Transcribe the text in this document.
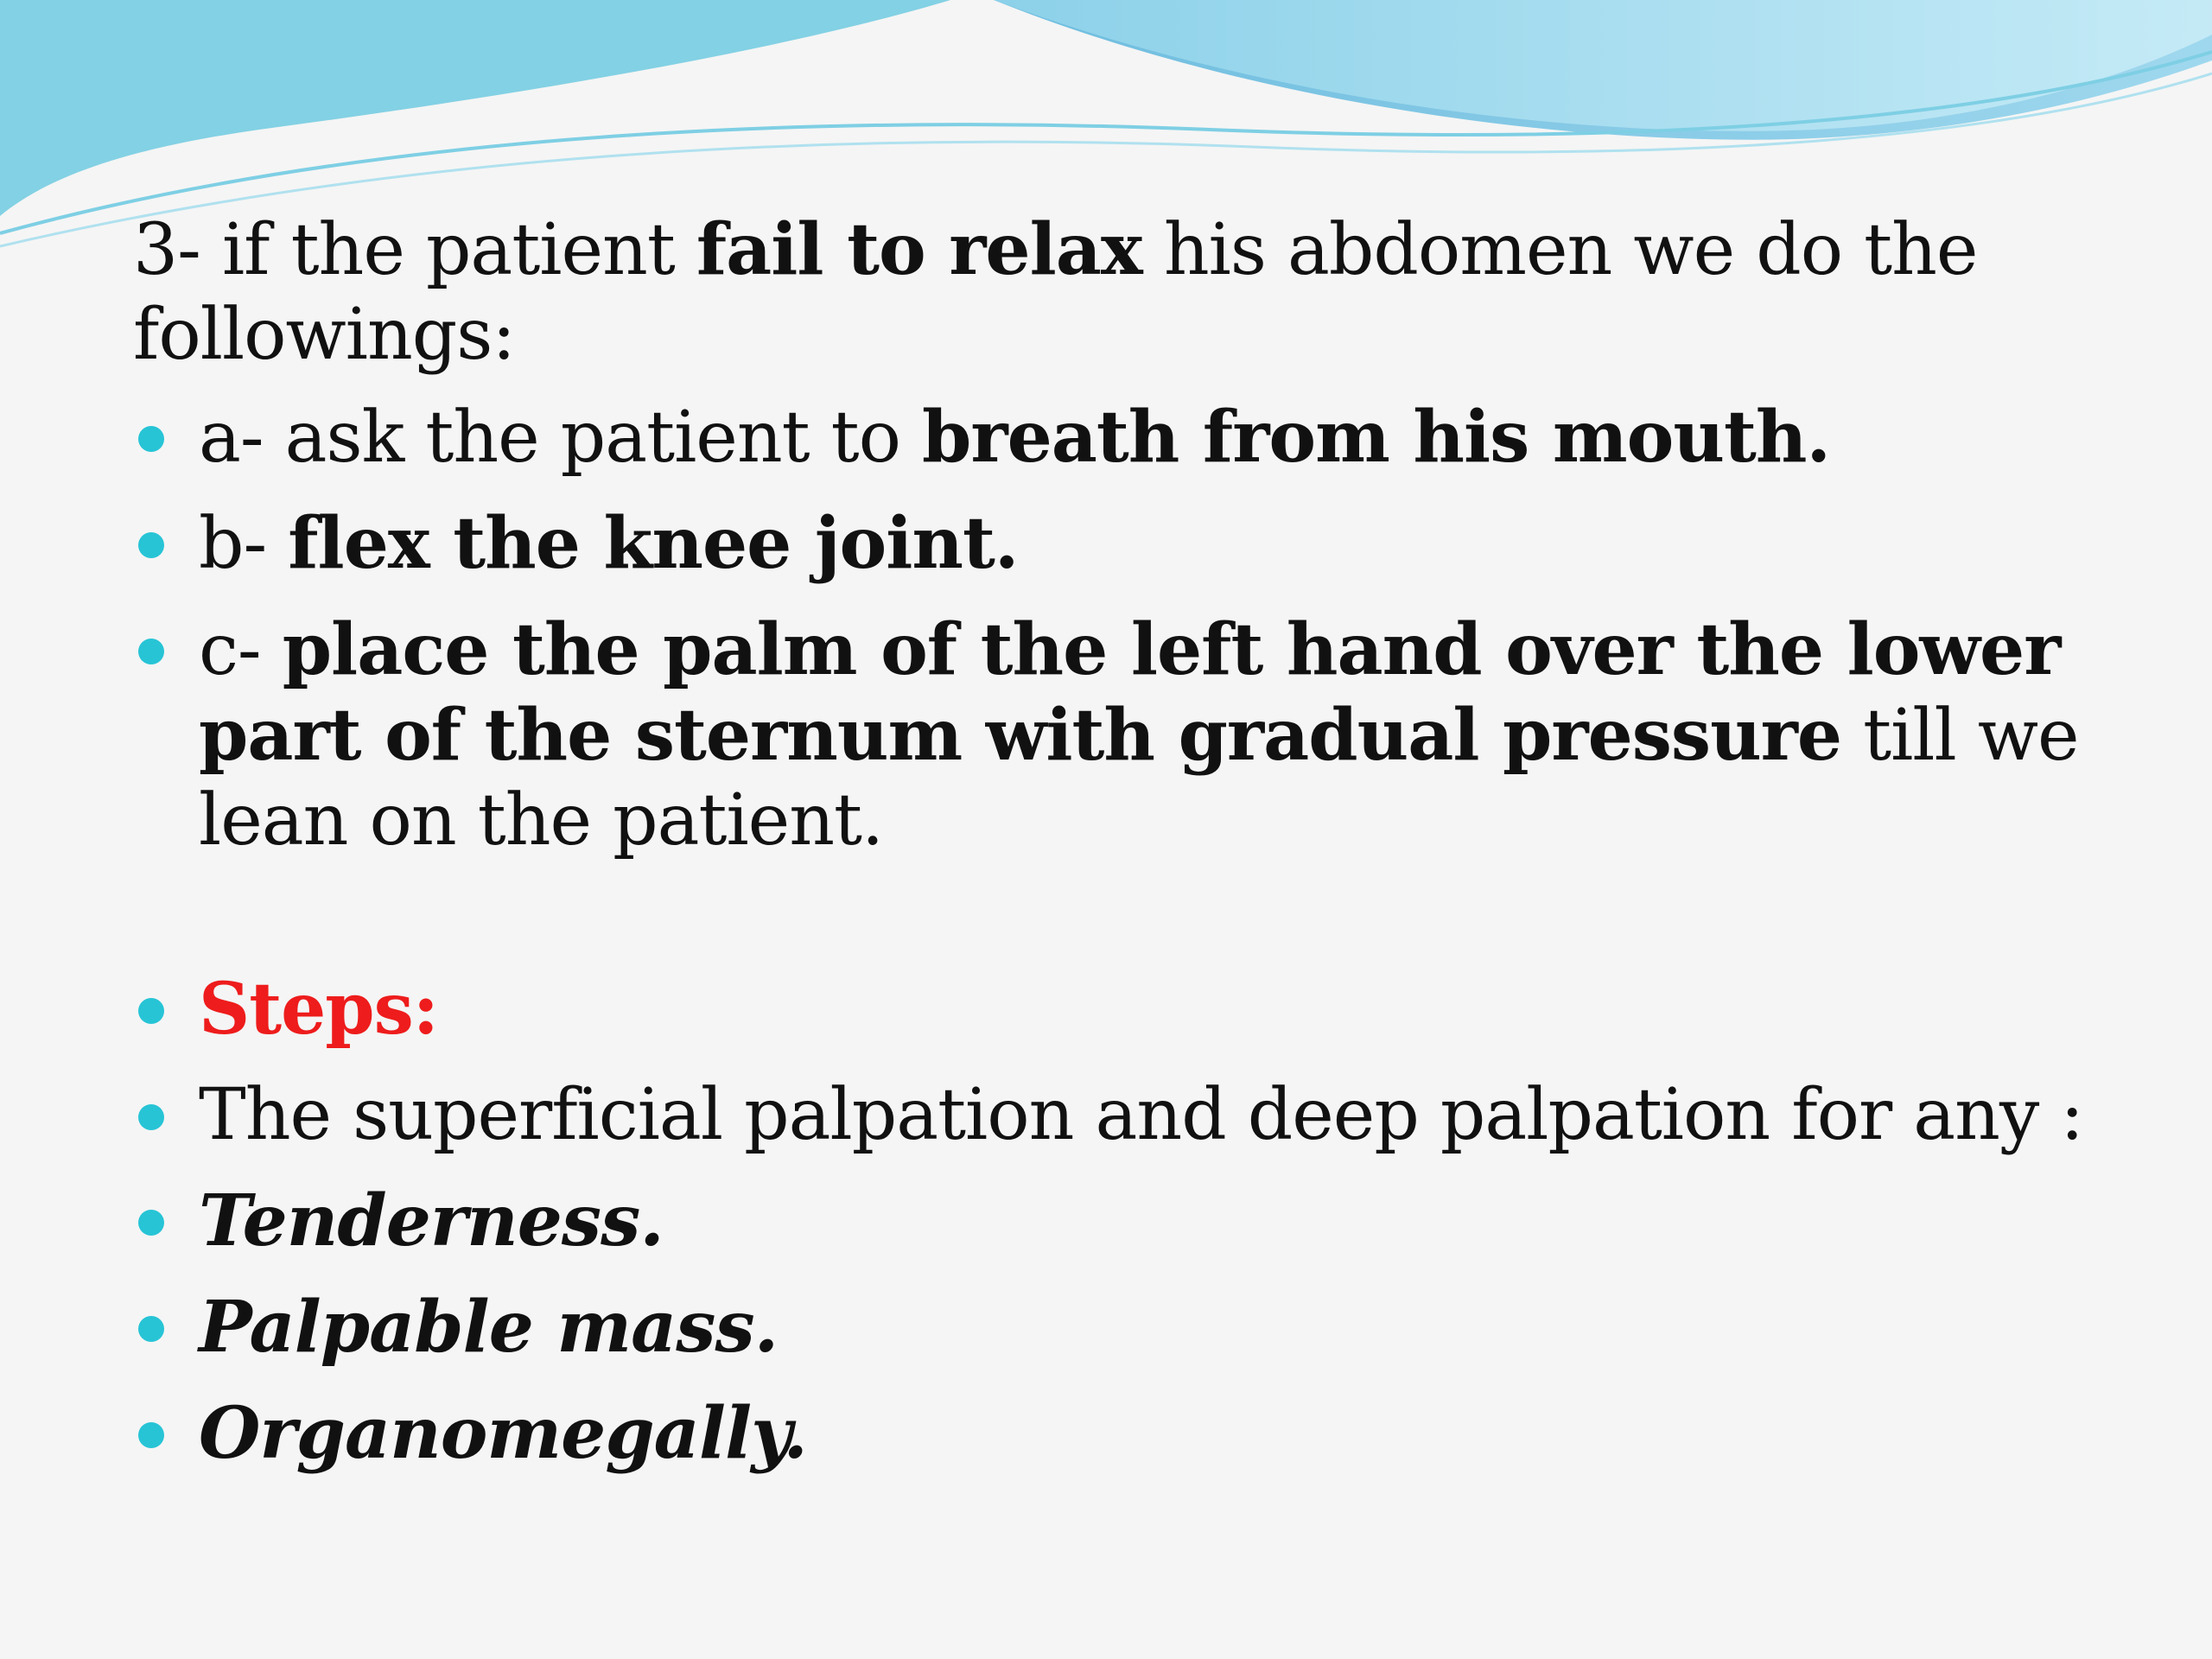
3- if the patient fail to relax his abdomen we do the followings:

a- ask the patient to breath from his mouth.
b- flex the knee joint.
c- place the palm of the left hand over the lower part of the sternum with gradual pressure till we lean on the patient.
Steps:
The superficial palpation and deep palpation for any :
Tenderness.
Palpable mass.
Organomegally.
